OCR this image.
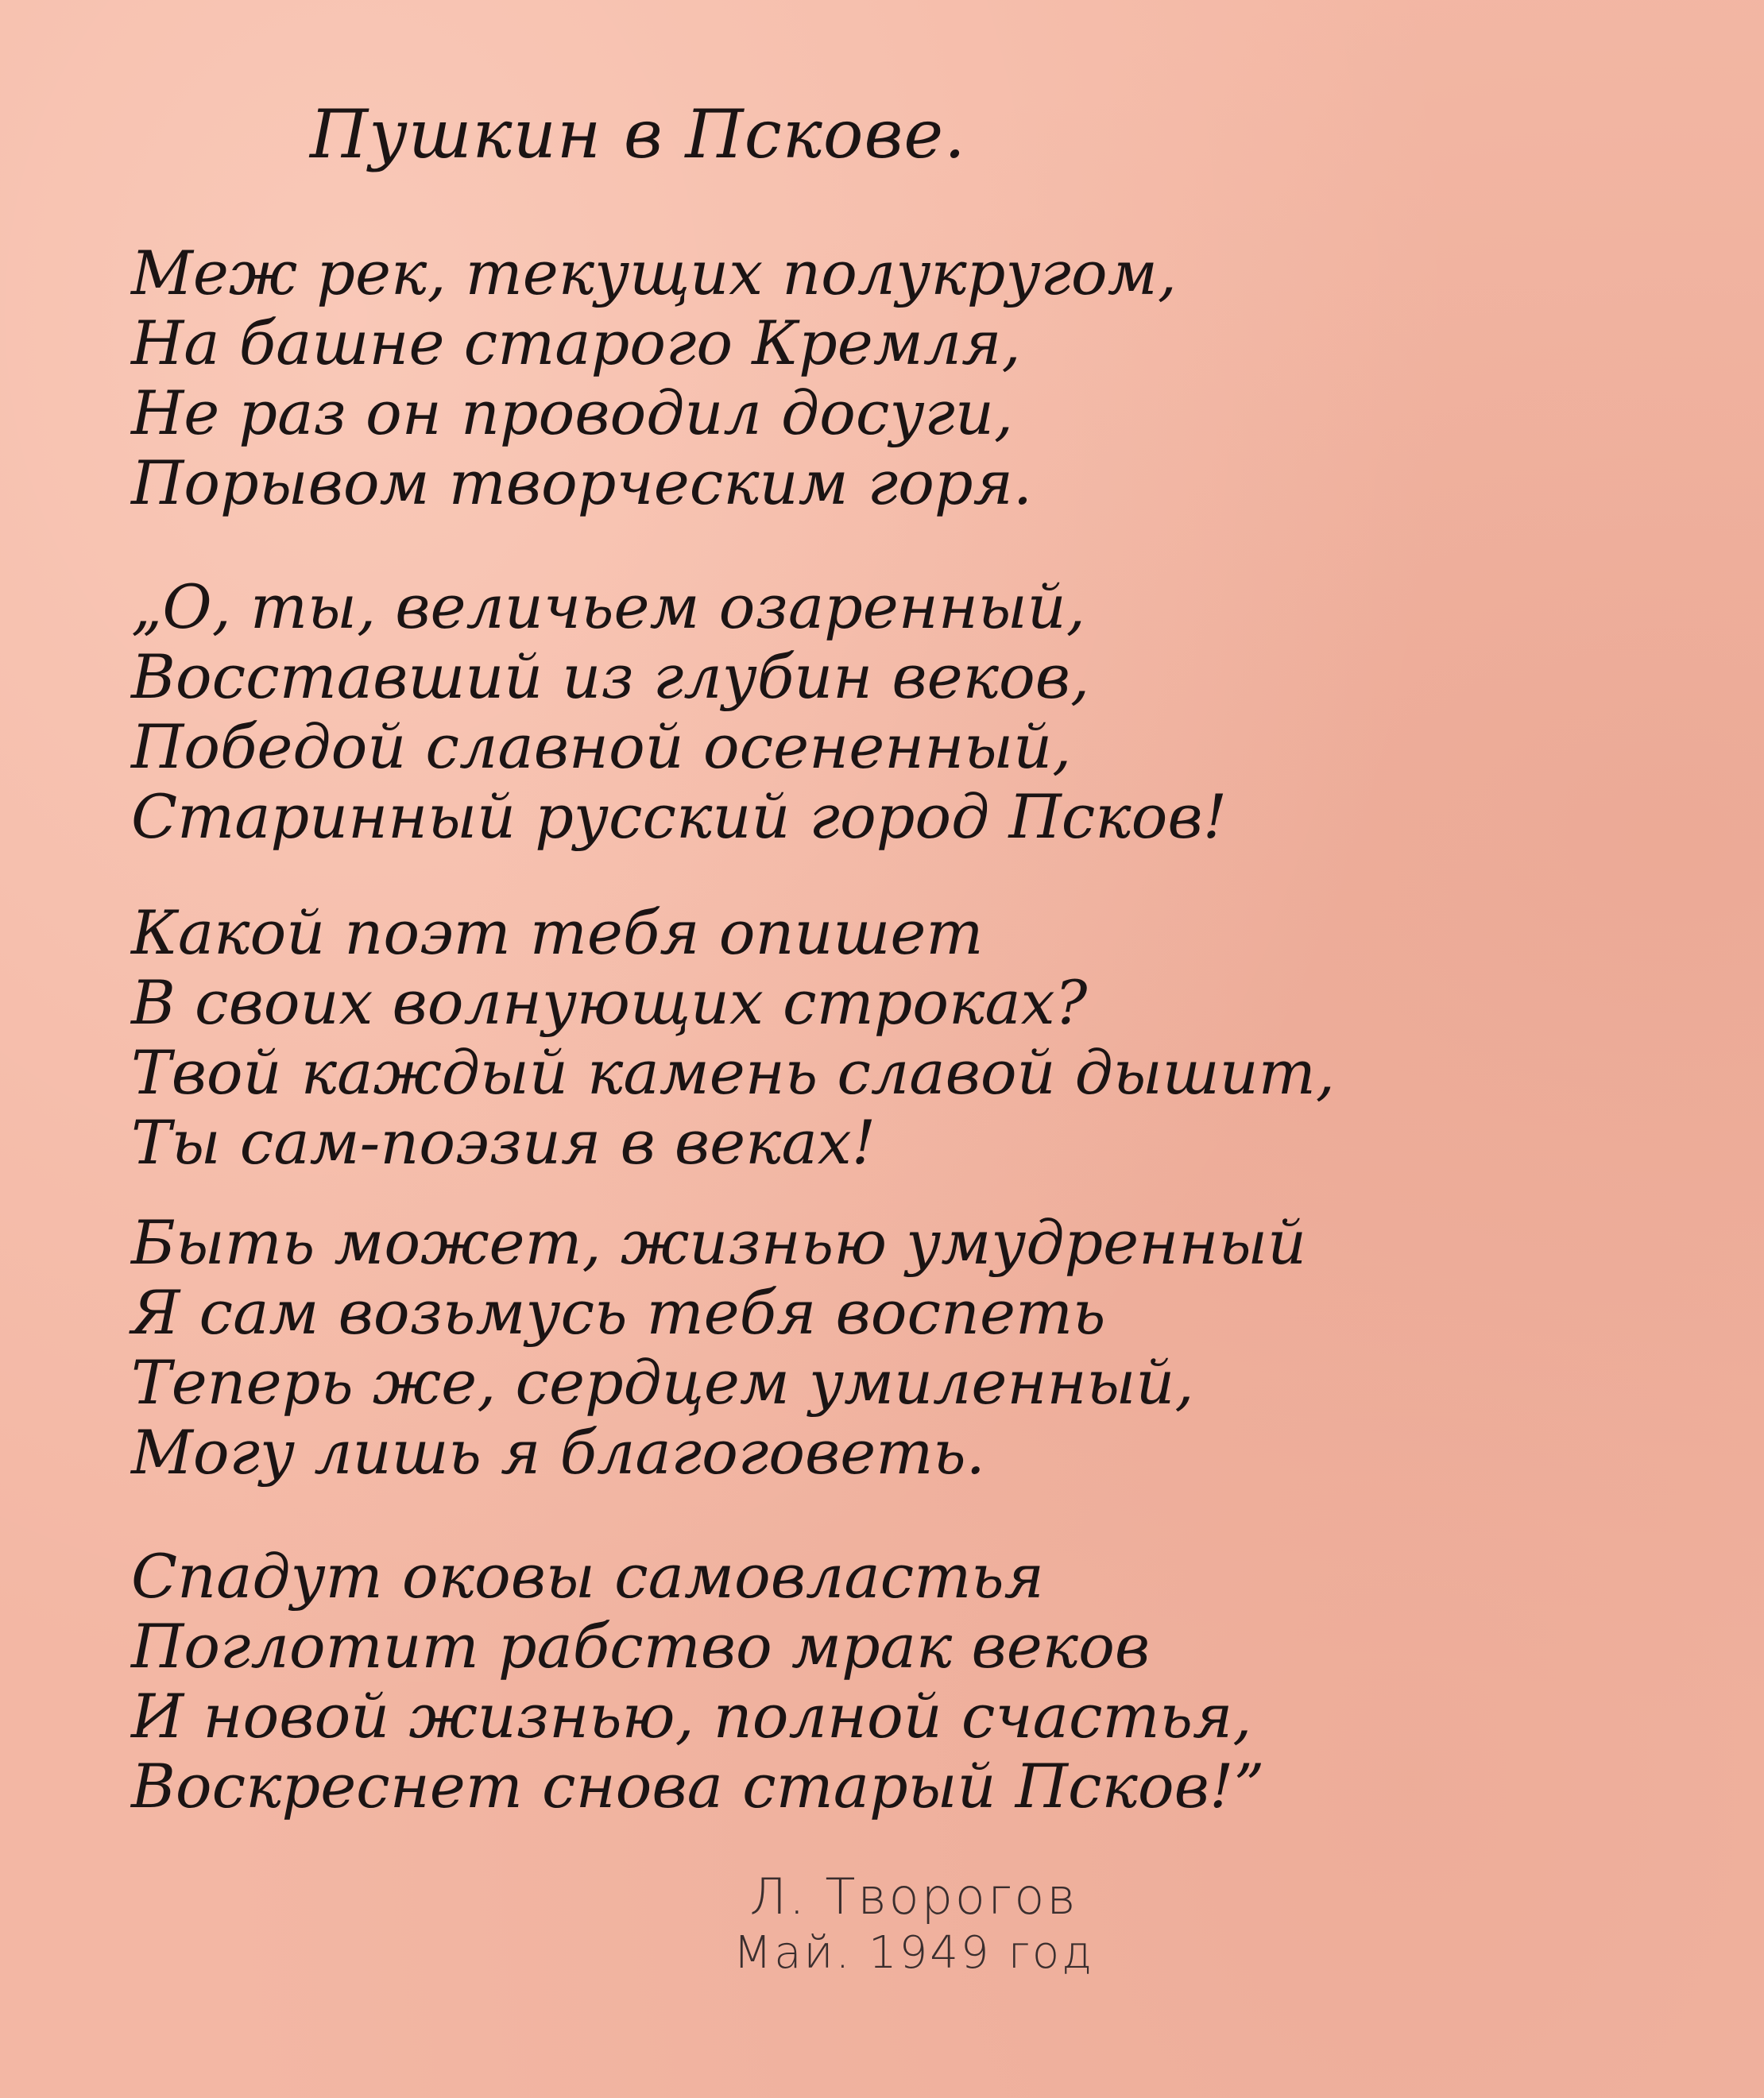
Пушкин в Пскове.
Меж рек, текущих полукругом,
На башне старого Кремля,
Не раз он проводил досуги,
Порывом творческим горя.
„О, ты, величьем озаренный,
Восставший из глубин веков,
Победой славной осененный,
Старинный русский город Псков!
Какой поэт тебя опишет
В своих волнующих строках?
Твой каждый камень славой дышит,
Ты сам-поэзия в веках!
Быть может, жизнью умудренный
Я сам возьмусь тебя воспеть
Теперь же, сердцем умиленный,
Могу лишь я благоговеть.
Спадут оковы самовластья
Поглотит рабство мрак веков
И новой жизнью, полной счастья,
Воскреснет снова старый Псков!”
Л. Творогов
Май. 1949 год
